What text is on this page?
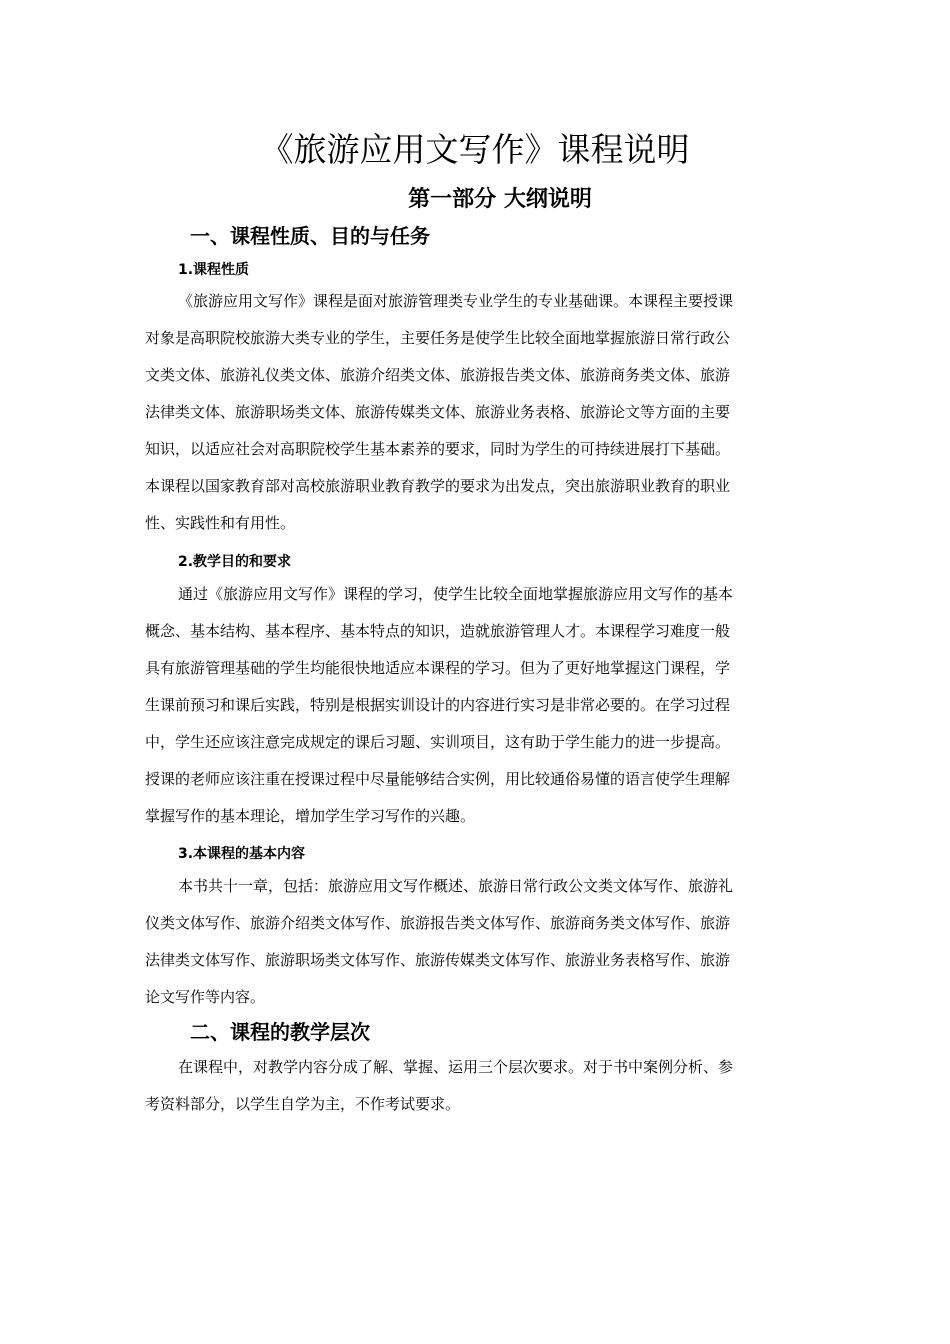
《旅游应用文写作》课程说明
第一部分 大纲说明
一、课程性质、目的与任务
1.课程性质
《旅游应用文写作》课程是面对旅游管理类专业学生的专业基础课。本课程主要授课
对象是高职院校旅游大类专业的学生，主要任务是使学生比较全面地掌握旅游日常行政公
文类文体、旅游礼仪类文体、旅游介绍类文体、旅游报告类文体、旅游商务类文体、旅游
法律类文体、旅游职场类文体、旅游传媒类文体、旅游业务表格、旅游论文等方面的主要
知识，以适应社会对高职院校学生基本素养的要求，同时为学生的可持续进展打下基础。
本课程以国家教育部对高校旅游职业教育教学的要求为出发点，突出旅游职业教育的职业
性、实践性和有用性。
2.教学目的和要求
通过《旅游应用文写作》课程的学习，使学生比较全面地掌握旅游应用文写作的基本
概念、基本结构、基本程序、基本特点的知识，造就旅游管理人才。本课程学习难度一般
具有旅游管理基础的学生均能很快地适应本课程的学习。但为了更好地掌握这门课程，学
生课前预习和课后实践，特别是根据实训设计的内容进行实习是非常必要的。在学习过程
中，学生还应该注意完成规定的课后习题、实训项目，这有助于学生能力的进一步提高。
授课的老师应该注重在授课过程中尽量能够结合实例，用比较通俗易懂的语言使学生理解
掌握写作的基本理论，增加学生学习写作的兴趣。
3.本课程的基本内容
本书共十一章，包括：旅游应用文写作概述、旅游日常行政公文类文体写作、旅游礼
仪类文体写作、旅游介绍类文体写作、旅游报告类文体写作、旅游商务类文体写作、旅游
法律类文体写作、旅游职场类文体写作、旅游传媒类文体写作、旅游业务表格写作、旅游
论文写作等内容。
二、课程的教学层次
在课程中，对教学内容分成了解、掌握、运用三个层次要求。对于书中案例分析、参
考资料部分，以学生自学为主，不作考试要求。
